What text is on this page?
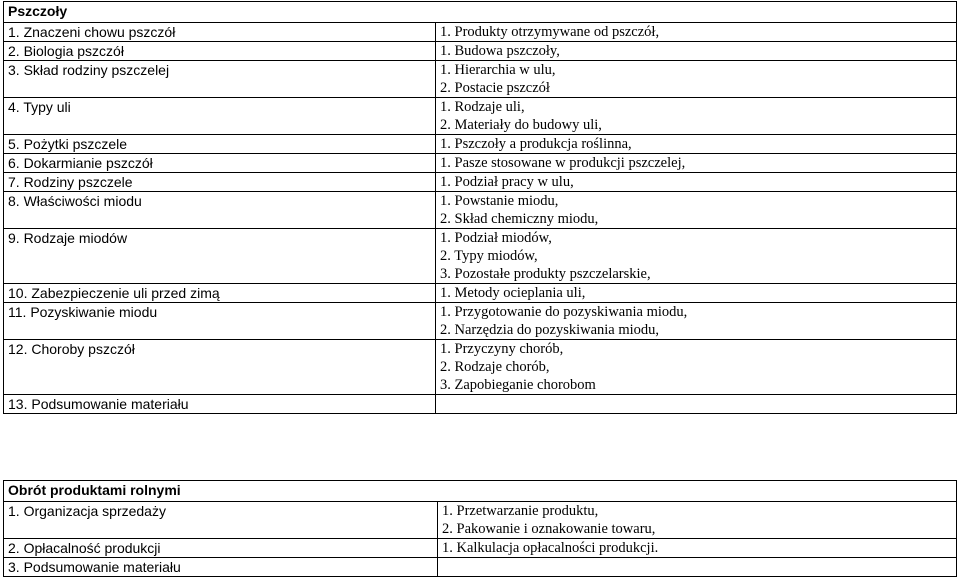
Pszczoły	

1. Znaczeni chowu pszczół	1. Produkty otrzymywane od pszczół,

2. Biologia pszczół	1. Budowa pszczoły,

3. Skład rodziny pszczelej	1. Hierarchia w ulu,
2. Postacie pszczół

4. Typy uli	1. Rodzaje uli,
2. Materiały do budowy uli,

5. Pożytki pszczele	1. Pszczoły a produkcja roślinna,

6. Dokarmianie pszczół	1. Pasze stosowane w produkcji pszczelej,

7. Rodziny pszczele	1. Podział pracy w ulu,

8. Właściwości miodu	1. Powstanie miodu,
2. Skład chemiczny miodu,

9. Rodzaje miodów	1. Podział miodów,
2. Typy miodów,
3. Pozostałe produkty pszczelarskie,

10. Zabezpieczenie uli przed zimą	1. Metody ocieplania uli,

11. Pozyskiwanie miodu	1. Przygotowanie do pozyskiwania miodu,
2. Narzędzia do pozyskiwania miodu,

12. Choroby pszczół	1. Przyczyny chorób,
2. Rodzaje chorób,
3. Zapobieganie chorobom

13. Podsumowanie materiału	

Obrót produktami rolnymi	

1. Organizacja sprzedaży	1. Przetwarzanie produktu,
2. Pakowanie i oznakowanie towaru,

2. Opłacalność produkcji	1. Kalkulacja opłacalności produkcji.

3. Podsumowanie materiału	
